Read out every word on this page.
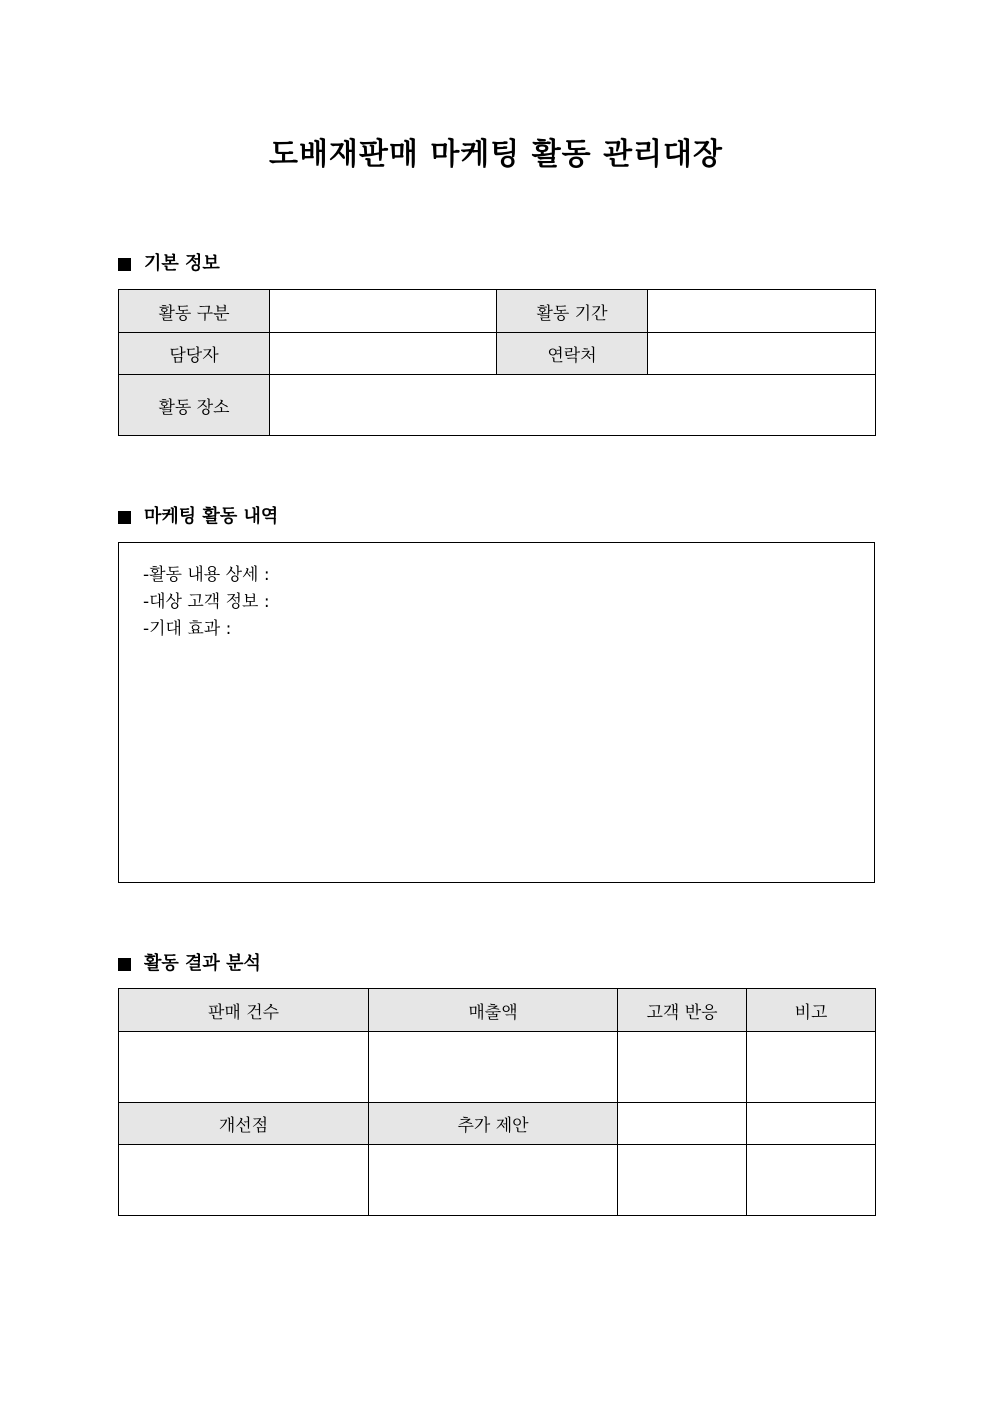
도배재판매 마케팅 활동 관리대장
기본 정보
활동 구분		활동 기간	
담당자		연락처	
활동 장소			
마케팅 활동 내역
-활동 내용 상세 :
-대상 고객 정보 :
-기대 효과 :
활동 결과 분석
판매 건수	매출액	고객 반응	비고

개선점	추가 제안		
